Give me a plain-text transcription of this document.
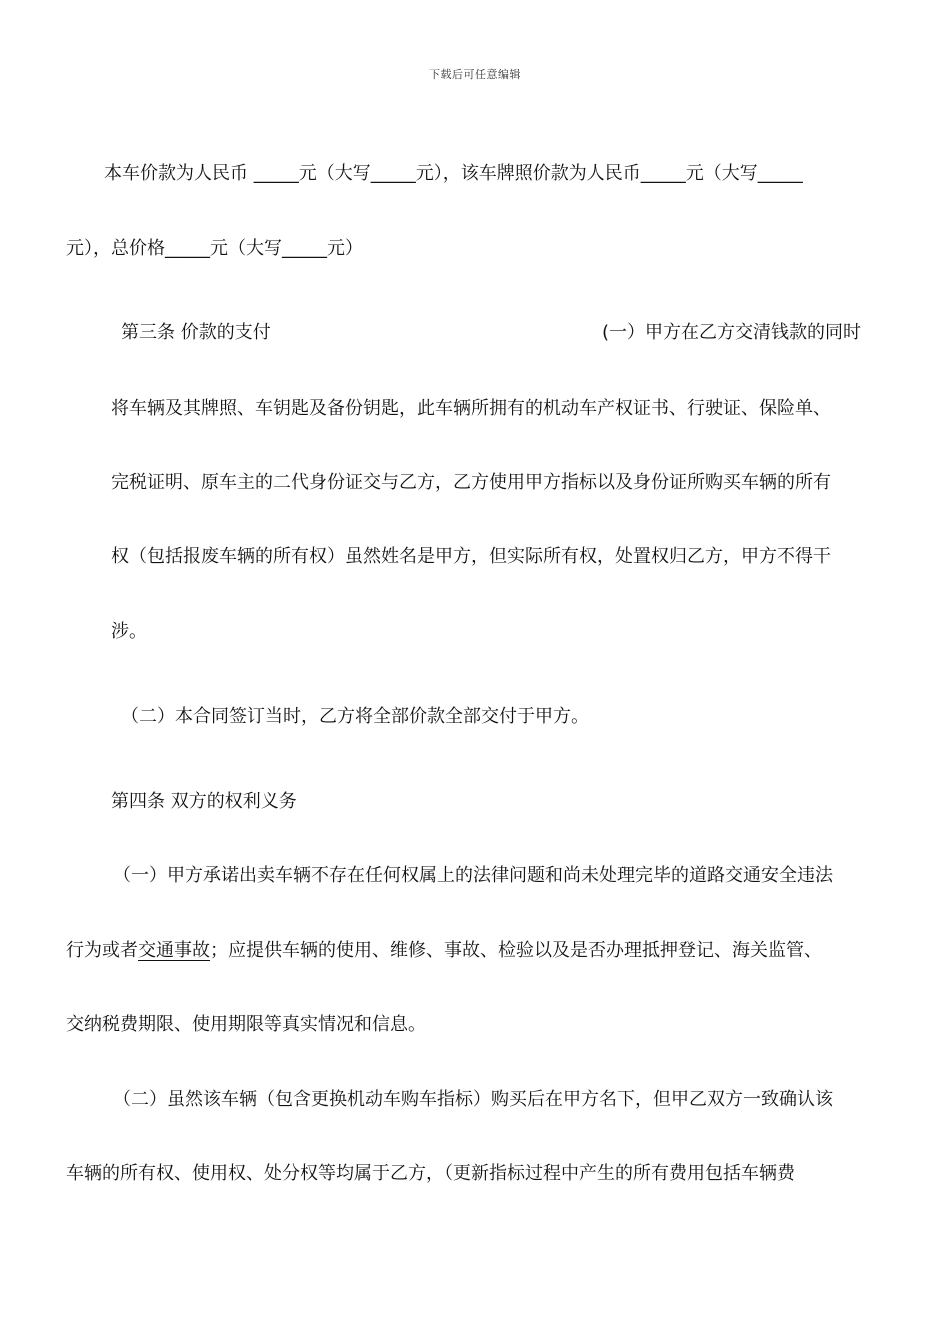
下载后可任意编辑
本车价款为人民币 _____元（大写_____元），该车牌照价款为人民币_____元（大写_____
元），总价格_____元（大写_____元）
第三条 价款的支付	(一）甲方在乙方交清钱款的同时
将车辆及其牌照、车钥匙及备份钥匙，此车辆所拥有的机动车产权证书、行驶证、保险单、
完税证明、原车主的二代身份证交与乙方，乙方使用甲方指标以及身份证所购买车辆的所有
权（包括报废车辆的所有权）虽然姓名是甲方，但实际所有权，处置权归乙方，甲方不得干
涉。
（二）本合同签订当时，乙方将全部价款全部交付于甲方。
第四条 双方的权利义务
（一）甲方承诺出卖车辆不存在任何权属上的法律问题和尚未处理完毕的道路交通安全违法
行为或者交通事故；应提供车辆的使用、维修、事故、检验以及是否办理抵押登记、海关监管、
交纳税费期限、使用期限等真实情况和信息。
（二）虽然该车辆（包含更换机动车购车指标）购买后在甲方名下，但甲乙双方一致确认该
车辆的所有权、使用权、处分权等均属于乙方，（更新指标过程中产生的所有费用包括车辆费
